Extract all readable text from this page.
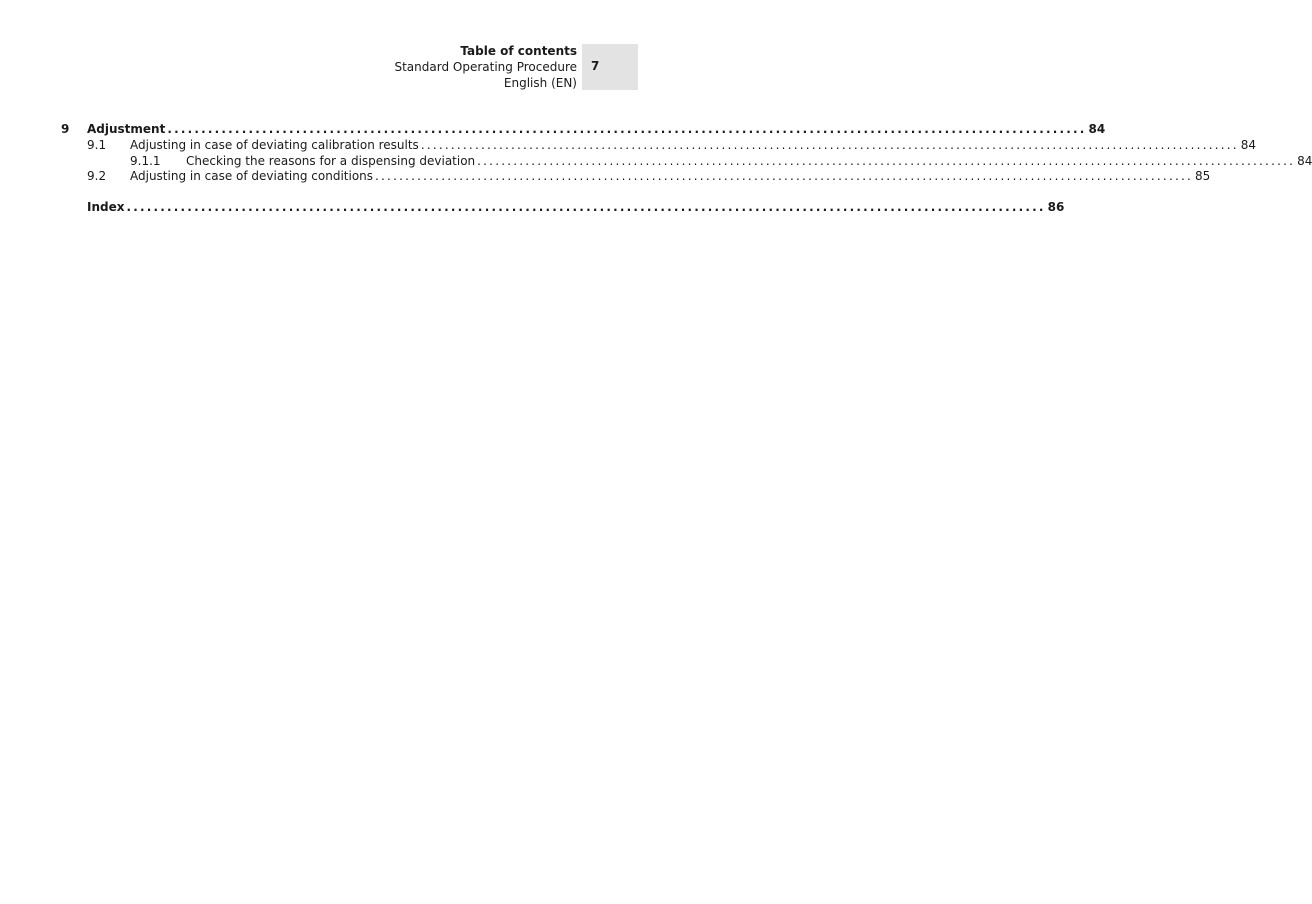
Table of contents
Standard Operating Procedure
English (EN)
7
9 Adjustment ........................................................................................................................................ 84
9.1 Adjusting in case of deviating calibration results ........................................................................................................................................ 84
9.1.1 Checking the reasons for a dispensing deviation ........................................................................................................................................ 84
9.2 Adjusting in case of deviating conditions ........................................................................................................................................ 85
Index ........................................................................................................................................ 86
